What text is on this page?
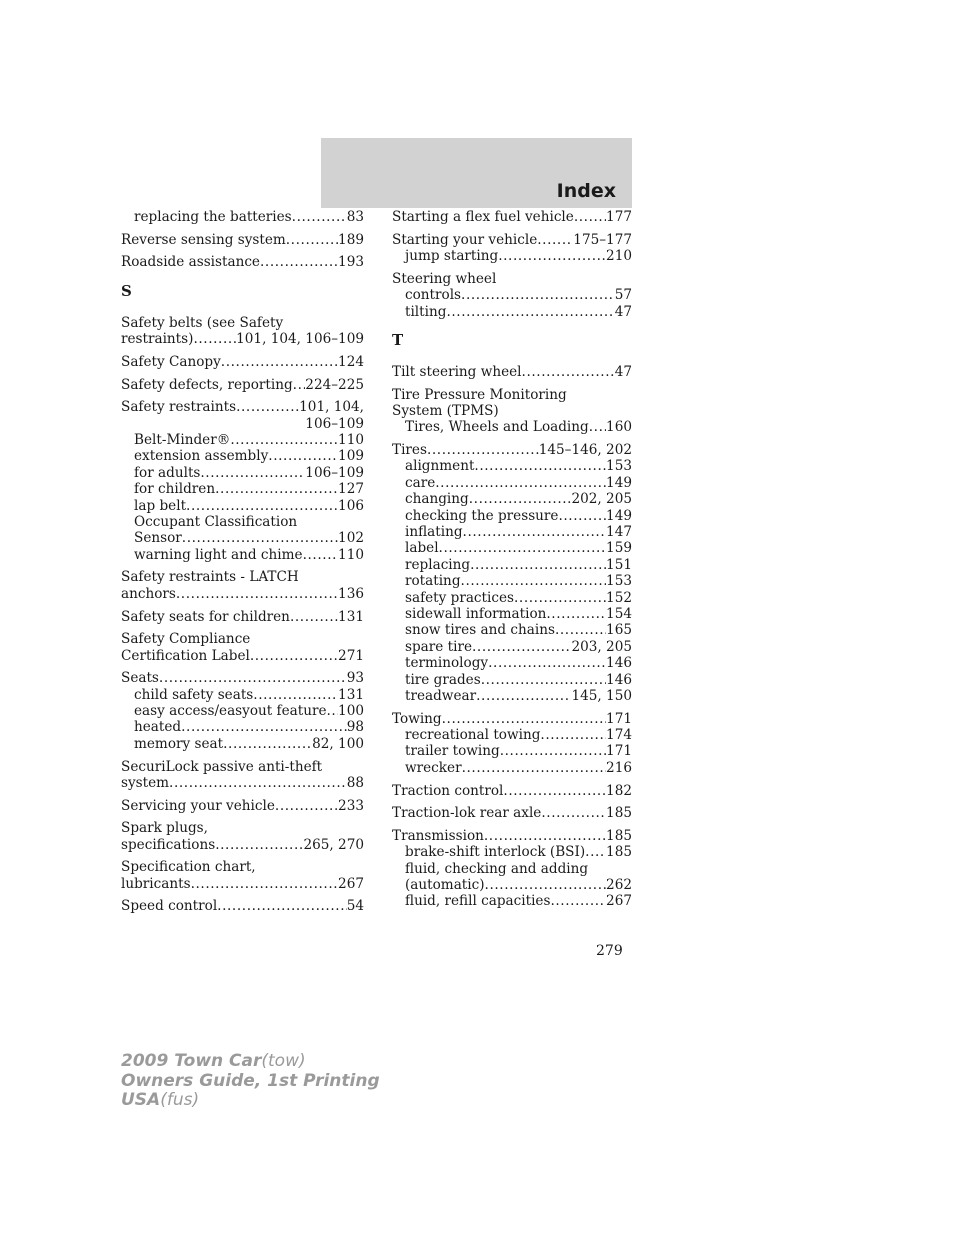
Index
replacing the batteries .....	83
Reverse sensing system .....	189
Roadside assistance .....	193
S
Safety belts (see Safety
restraints) .....	101, 104, 106–109
Safety Canopy .....	124
Safety defects, reporting ..... 224–225
Safety restraints .....	101, 104,
106–109
Belt-Minder® .....	110
extension assembly .....	109
for adults .....	106–109
for children .....	127
lap belt .....	106
Occupant Classification
Sensor .....	102
warning light and chime .....	110
Safety restraints - LATCH
anchors .....	136
Safety seats for children .....	131
Safety Compliance
Certification Label .....	271
Seats .....	93
child safety seats .....	131
easy access/easyout feature ..... 100
heated .....	98
memory seat .....	82, 100
SecuriLock passive anti-theft
system .....	88
Servicing your vehicle .....	233
Spark plugs,
specifications .....	265, 270
Specification chart,
lubricants .....	267
Speed control .....	54
Starting a flex fuel vehicle ..... 177
Starting your vehicle .....	175–177
jump starting .....	210
Steering wheel
controls .....	57
tilting .....	47
T
Tilt steering wheel .....	47
Tire Pressure Monitoring
System (TPMS)
Tires, Wheels and Loading ..... 160
Tires .....	145–146, 202
alignment .....	153
care .....	149
changing .....	202, 205
checking the pressure .....	149
inflating .....	147
label .....	159
replacing .....	151
rotating .....	153
safety practices .....	152
sidewall information .....	154
snow tires and chains .....	165
spare tire .....	203, 205
terminology .....	146
tire grades .....	146
treadwear .....	145, 150
Towing .....	171
recreational towing .....	174
trailer towing .....	171
wrecker .....	216
Traction control .....	182
Traction-lok rear axle .....	185
Transmission .....	185
brake-shift interlock (BSI) ..... 185
fluid, checking and adding
(automatic) .....	262
fluid, refill capacities .....	267
279
2009 Town Car(tow)
Owners Guide, 1st Printing
USA(fus)
